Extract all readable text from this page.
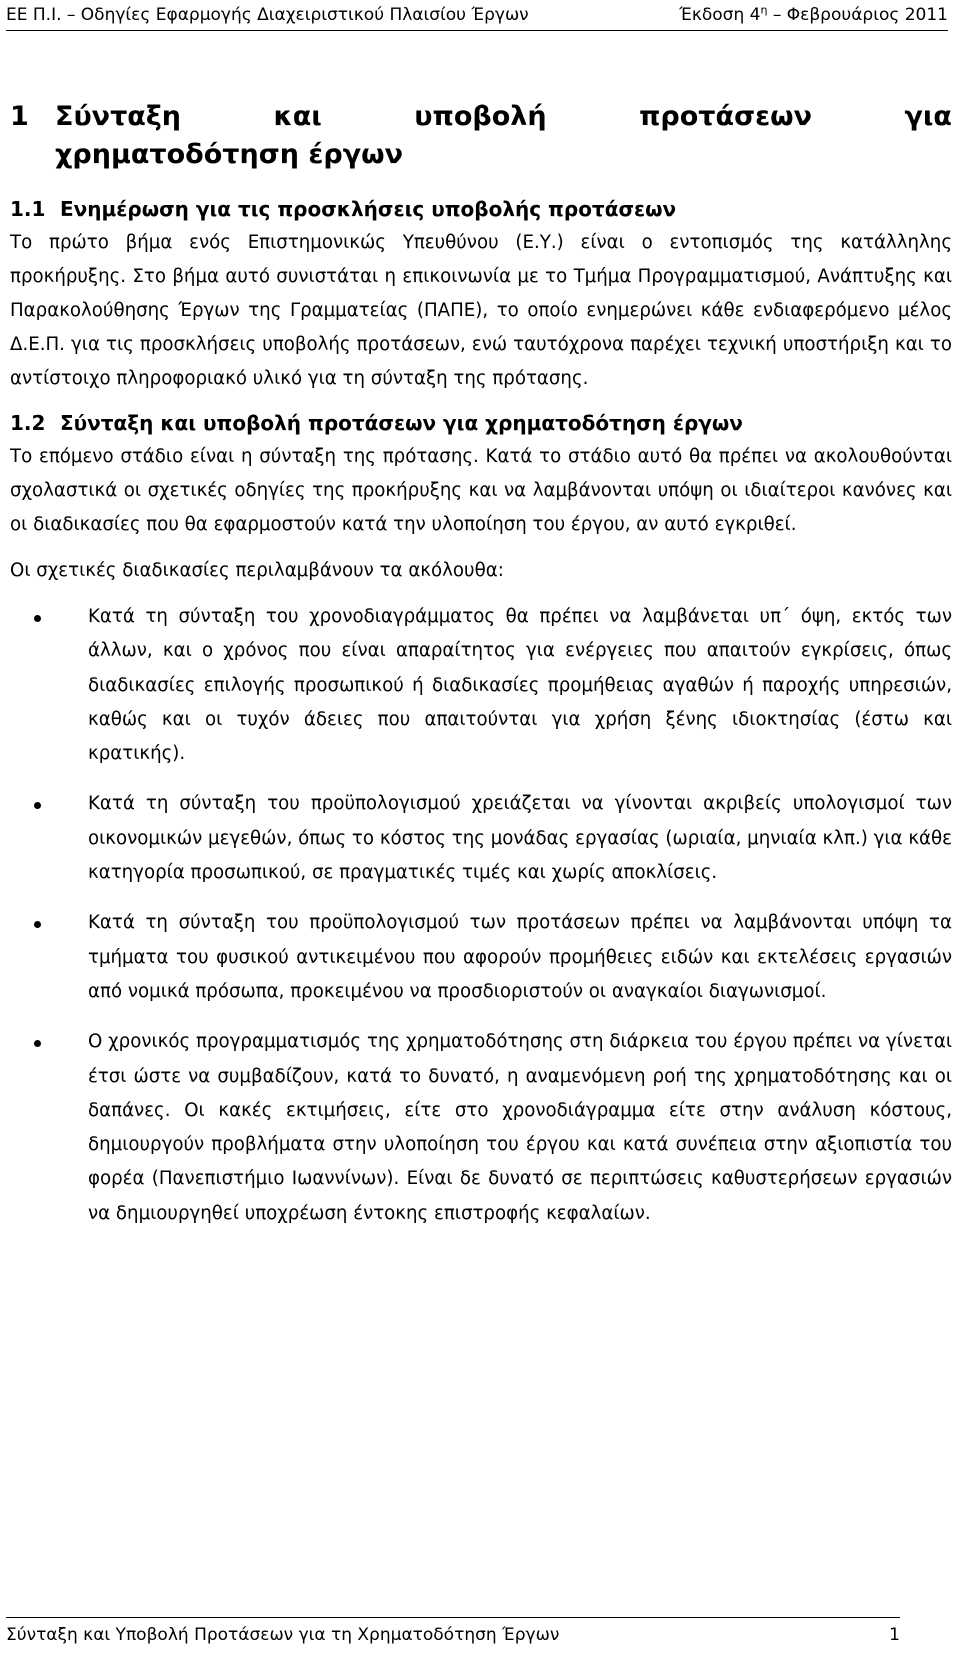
ΕΕ Π.Ι. – Οδηγίες Εφαρμογής Διαχειριστικού Πλαισίου Έργων	Έκδοση $4^\eta$ – Φεβρουάριος 2011
1 Σύνταξη	και	υποβολή	προτάσεων	για
χρηματοδότηση έργων
1.1 Ενημέρωση για τις προσκλήσεις υποβολής προτάσεων

Το πρώτο βήμα ενός Επιστημονικώς Υπευθύνου (Ε.Υ.) είναι ο εντοπισμός της κατάλληλης προκήρυξης. Στο βήμα αυτό συνιστάται η επικοινωνία με το Τμήμα Προγραμματισμού, Ανάπτυξης και Παρακολούθησης Έργων της Γραμματείας (ΠΑΠΕ), το οποίο ενημερώνει κάθε ενδιαφερόμενο μέλος Δ.Ε.Π. για τις προσκλήσεις υποβολής προτάσεων, ενώ ταυτόχρονα παρέχει τεχνική υποστήριξη και το αντίστοιχο πληροφοριακό υλικό για τη σύνταξη της πρότασης.

1.2 Σύνταξη και υποβολή προτάσεων για χρηματοδότηση έργων

Το επόμενο στάδιο είναι η σύνταξη της πρότασης. Κατά το στάδιο αυτό θα πρέπει να ακολουθούνται σχολαστικά οι σχετικές οδηγίες της προκήρυξης και να λαμβάνονται υπόψη οι ιδιαίτεροι κανόνες και οι διαδικασίες που θα εφαρμοστούν κατά την υλοποίηση του έργου, αν αυτό εγκριθεί.

Οι σχετικές διαδικασίες περιλαμβάνουν τα ακόλουθα:

Κατά τη σύνταξη του χρονοδιαγράμματος θα πρέπει να λαμβάνεται υπ΄ όψη, εκτός των άλλων, και ο χρόνος που είναι απαραίτητος για ενέργειες που απαιτούν εγκρίσεις, όπως διαδικασίες επιλογής προσωπικού ή διαδικασίες προμήθειας αγαθών ή παροχής υπηρεσιών, καθώς και οι τυχόν άδειες που απαιτούνται για χρήση ξένης ιδιοκτησίας (έστω και κρατικής).
Κατά τη σύνταξη του προϋπολογισμού χρειάζεται να γίνονται ακριβείς υπολογισμοί των οικονομικών μεγεθών, όπως το κόστος της μονάδας εργασίας (ωριαία, μηνιαία κλπ.) για κάθε κατηγορία προσωπικού, σε πραγματικές τιμές και χωρίς αποκλίσεις.
Κατά τη σύνταξη του προϋπολογισμού των προτάσεων πρέπει να λαμβάνονται υπόψη τα τμήματα του φυσικού αντικειμένου που αφορούν προμήθειες ειδών και εκτελέσεις εργασιών από νομικά πρόσωπα, προκειμένου να προσδιοριστούν οι αναγκαίοι διαγωνισμοί.
Ο χρονικός προγραμματισμός της χρηματοδότησης στη διάρκεια του έργου πρέπει να γίνεται έτσι ώστε να συμβαδίζουν, κατά το δυνατό, η αναμενόμενη ροή της χρηματοδότησης και οι δαπάνες. Οι κακές εκτιμήσεις, είτε στο χρονοδιάγραμμα είτε στην ανάλυση κόστους, δημιουργούν προβλήματα στην υλοποίηση του έργου και κατά συνέπεια στην αξιοπιστία του φορέα (Πανεπιστήμιο Ιωαννίνων). Είναι δε δυνατό σε περιπτώσεις καθυστερήσεων εργασιών να δημιουργηθεί υποχρέωση έντοκης επιστροφής κεφαλαίων.
Σύνταξη και Υποβολή Προτάσεων για τη Χρηματοδότηση Έργων	1
